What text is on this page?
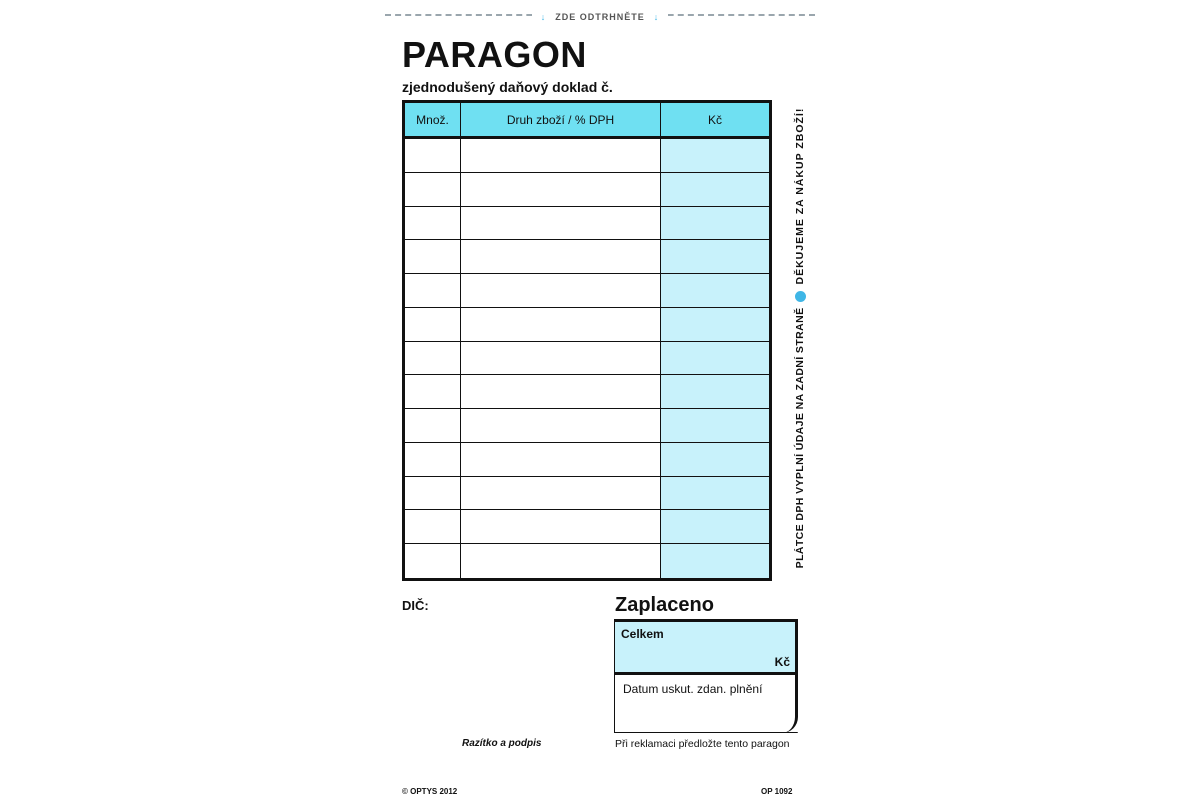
↓ ZDE ODTRHNĚTE ↓
PARAGON
zjednodušený daňový doklad č.
Množ.	Druh zboží / % DPH	Kč
PLÁTCE DPH VYPLNÍ ÚDAJE NA ZADNÍ STRANĚ
DĚKUJEME ZA NÁKUP ZBOŽÍ!
DIČ:	Zaplaceno
Celkem
Kč
Datum uskut. zdan. plnění
Razítko a podpis	Při reklamaci předložte tento paragon
© OPTYS 2012	OP 1092
